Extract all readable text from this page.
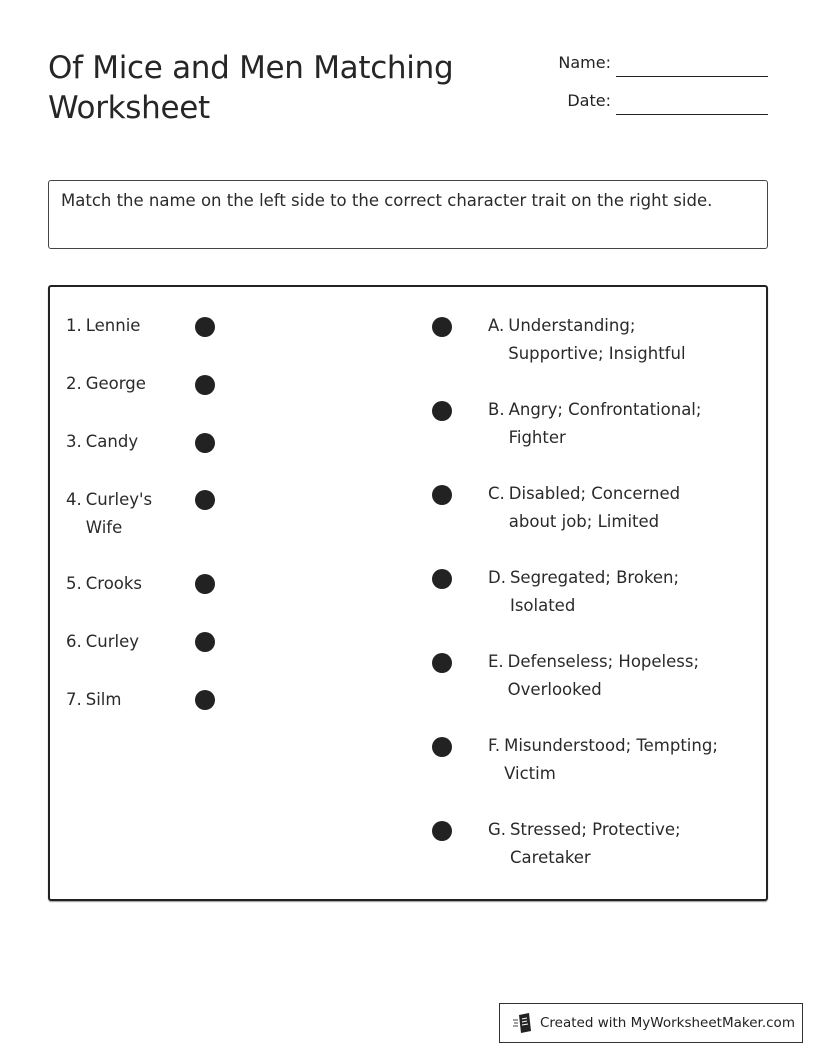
Of Mice and Men Matching
Worksheet
Name:
Date:
Match the name on the left side to the correct character trait on the right side.
1. Lennie
2. George
3. Candy
4. Curley's Wife
5. Crooks
6. Curley
7. Silm
A. Understanding; Supportive; Insightful
B. Angry; Confrontational; Fighter
C. Disabled; Concerned about job; Limited
D. Segregated; Broken; Isolated
E. Defenseless; Hopeless; Overlooked
F. Misunderstood; Tempting; Victim
G. Stressed; Protective; Caretaker
Created with MyWorksheetMaker.com
